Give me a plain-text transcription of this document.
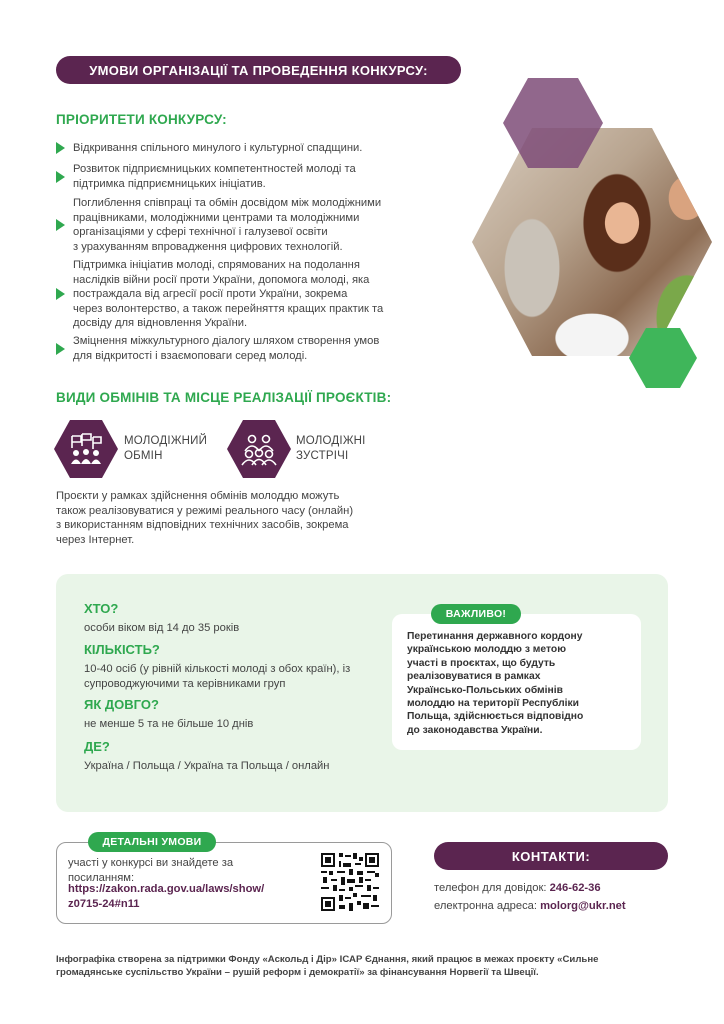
УМОВИ ОРГАНІЗАЦІЇ ТА ПРОВЕДЕННЯ КОНКУРСУ:
ПРІОРИТЕТИ КОНКУРСУ:
Відкривання спільного минулого і культурної спадщини.
Розвиток підприємницьких компетентностей молоді та
підтримка підприємницьких ініціатив.
Поглиблення співпраці та обмін досвідом між молодіжними
працівниками, молодіжними центрами та молодіжними
організаціями у сфері технічної і галузевої освіти
з урахуванням впровадження цифрових технологій.
Підтримка ініціатив молоді, спрямованих на подолання
наслідків війни росії проти України, допомога молоді, яка
постраждала від агресії росії проти України, зокрема
через волонтерство, а також перейняття кращих практик та
досвіду для відновлення України.
Зміцнення міжкультурного діалогу шляхом створення умов
для відкритості і взаємоповаги серед молоді.
ВИДИ ОБМІНІВ ТА МІСЦЕ РЕАЛІЗАЦІЇ ПРОЄКТІВ:
МОЛОДІЖНИЙ
ОБМІН
МОЛОДІЖНІ
ЗУСТРІЧІ
Проєкти у рамках здійснення обмінів молоддю можуть
також реалізовуватися у режимі реального часу (онлайн)
з використанням відповідних технічних засобів, зокрема
через Інтернет.
ХТО?
особи віком від 14 до 35 років
КІЛЬКІСТЬ?
10-40 осіб (у рівній кількості молоді з обох країн), із
супроводжуючими та керівниками груп
ЯК ДОВГО?
не менше 5 та не більше 10 днів
ДЕ?
Україна / Польща / Україна та Польща / онлайн
ВАЖЛИВО!
Перетинання державного кордону
українською молоддю з метою
участі в проєктах, що будуть
реалізовуватися в рамках
Українсько-Польських обмінів
молоддю на території Республіки
Польща, здійснюється відповідно
до законодавства України.
ДЕТАЛЬНІ УМОВИ
участі у конкурсі ви знайдете за
посиланням:
https://zakon.rada.gov.ua/laws/show/
z0715-24#n11
КОНТАКТИ:
телефон для довідок: 246-62-36
електронна адреса: molorg@ukr.net
Інфографіка створена за підтримки Фонду «Аскольд і Дір» ІСАР Єднання, який працює в межах проєкту «Сильне
громадянське суспільство України – рушій реформ і демократії» за фінансування Норвегії та Швеції.
